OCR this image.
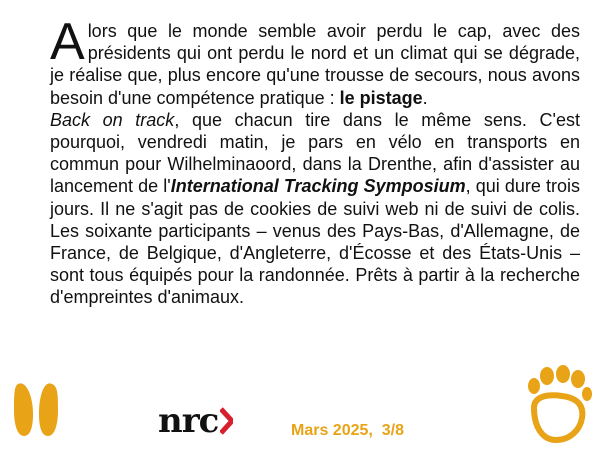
Alors que le monde semble avoir perdu le cap, avec des présidents qui ont perdu le nord et un climat qui se dégrade, je réalise que, plus encore qu'une trousse de secours, nous avons besoin d'une compétence pratique : le pistage.

Back on track, que chacun tire dans le même sens. C'est pourquoi, vendredi matin, je pars en vélo en transports en commun pour Wilhelminaoord, dans la Drenthe, afin d'assister au lancement de l'International Tracking Symposium, qui dure trois jours. Il ne s'agit pas de cookies de suivi web ni de suivi de colis. Les soixante participants – venus des Pays-Bas, d'Allemagne, de France, de Belgique, d'Angleterre, d'Écosse et des États-Unis – sont tous équipés pour la randonnée. Prêts à partir à la recherche d'empreintes d'animaux.

nrc	Mars 2025,  3/8
